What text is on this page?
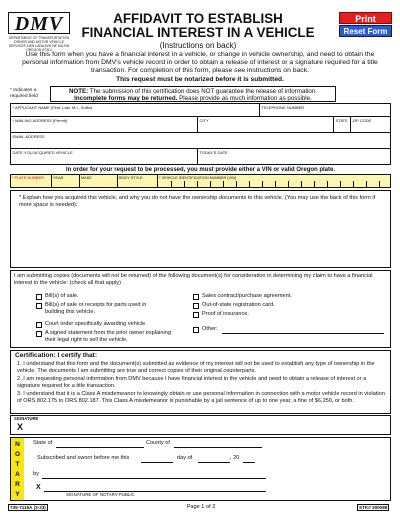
DMV
DEPARTMENT OF TRANSPORTATION DRIVER AND MOTOR VEHICLE SERVICES 1905 LANA AVE NE SALEM OREGON 97314
AFFIDAVIT TO ESTABLISH FINANCIAL INTEREST IN A VEHICLE
(Instructions on back)
Print
Reset Form
Use this form when you have a financial interest in a vehicle, or change in vehicle ownership, and need to obtain the personal information from DMV's vehicle record in order to obtain a release of interest or a signature required for a title transaction. For completion of this form, please see instructions on back.
This request must be notarized before it is submitted.
* Indicates a required field
NOTE: The submission of this certification does NOT guarantee the release of information.
Incomplete forms may be returned. Please provide as much information as possible.
* APPLICANT NAME (First, Last, M.I., Suffix)	TELEPHONE NUMBER
* MAILING ADDRESS (Permit)	CITY	STATE	ZIP CODE
EMAIL ADDRESS
DATE YOU ACQUIRED VEHICLE	TODAY'S DATE
In order for your request to be processed, you must provide either a VIN or valid Oregon plate.
* PLATE NUMBER	YEAR	MAKE	BODY STYLE	* VEHICLE IDENTIFICATION NUMBER (VIN)
* Explain how you acquired this vehicle, and why you do not have the ownership documents to this vehicle. (You may use the back of this form if more space is needed):
I am submitting copies (documents will not be returned) of the following document(s) for consideration in determining my claim to have a financial interest in the vehicle: (check all that apply)
Bill(s) of sale.
Bill(s) of sale or receipts for parts used in building this vehicle.
Court order specifically awarding vehicle.
A signed statement from the prior owner explaining their legal right to sell the vehicle.
Sales contract/purchase agreement.
Out-of-state registration card.
Proof of insurance.
Other:
Certification: I certify that:
1. I understand that this form and the document(s) submitted as evidence of my interest will not be used to establish any type of ownership in the vehicle. The documents I am submitting are true and correct copies of their original counterparts.
2. I am requesting personal information from DMV because I have financial interest in the vehicle and need to obtain a release of interest or a signature required for a title transaction.
3. I understand that it is a Class A misdemeanor to knowingly obtain or use personal information in connection with a motor vehicle record in violation of ORS 802.175 to ORS 802.187. This Class A misdemeanor is punishable by a jail sentence of up to one year, a fine of $6,250, or both.
SIGNATURE
X
N
O
T
A
R
Y
State of	County of
Subscribed and sworn before me this	day of	, 20
by
X
SIGNATURE OF NOTARY PUBLIC
735-7116A (3-23)	Page 1 of 2	STK# 300088
